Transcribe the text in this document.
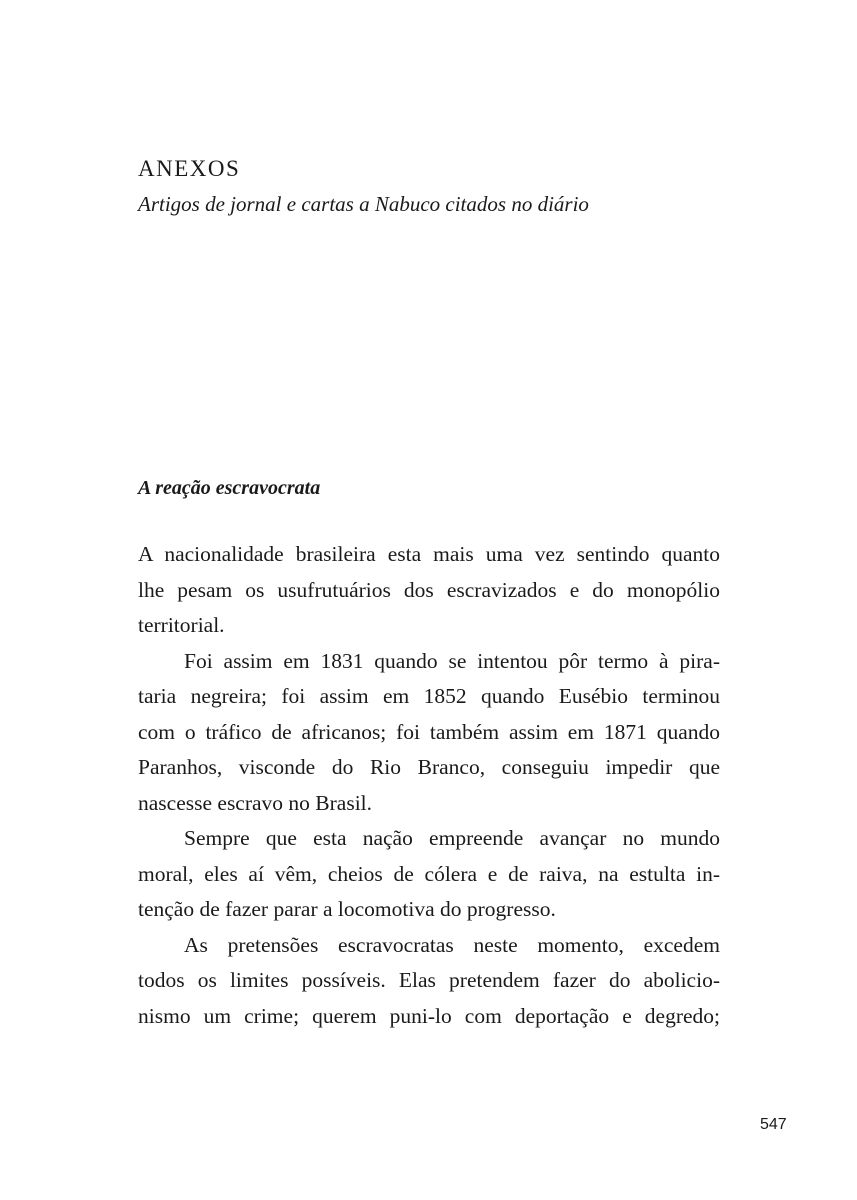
ANEXOS

Artigos de jornal e cartas a Nabuco citados no diário

A reação escravocrata
A nacionalidade brasileira esta mais uma vez sentindo quanto
lhe pesam os usufrutuários dos escravizados e do monopólio
territorial.
Foi assim em 1831 quando se intentou pôr termo à pira-
taria negreira; foi assim em 1852 quando Eusébio terminou
com o tráfico de africanos; foi também assim em 1871 quando
Paranhos, visconde do Rio Branco, conseguiu impedir que
nascesse escravo no Brasil.
Sempre que esta nação empreende avançar no mundo
moral, eles aí vêm, cheios de cólera e de raiva, na estulta in-
tenção de fazer parar a locomotiva do progresso.
As pretensões escravocratas neste momento, excedem
todos os limites possíveis. Elas pretendem fazer do abolicio-
nismo um crime; querem puni-lo com deportação e degredo;

547
